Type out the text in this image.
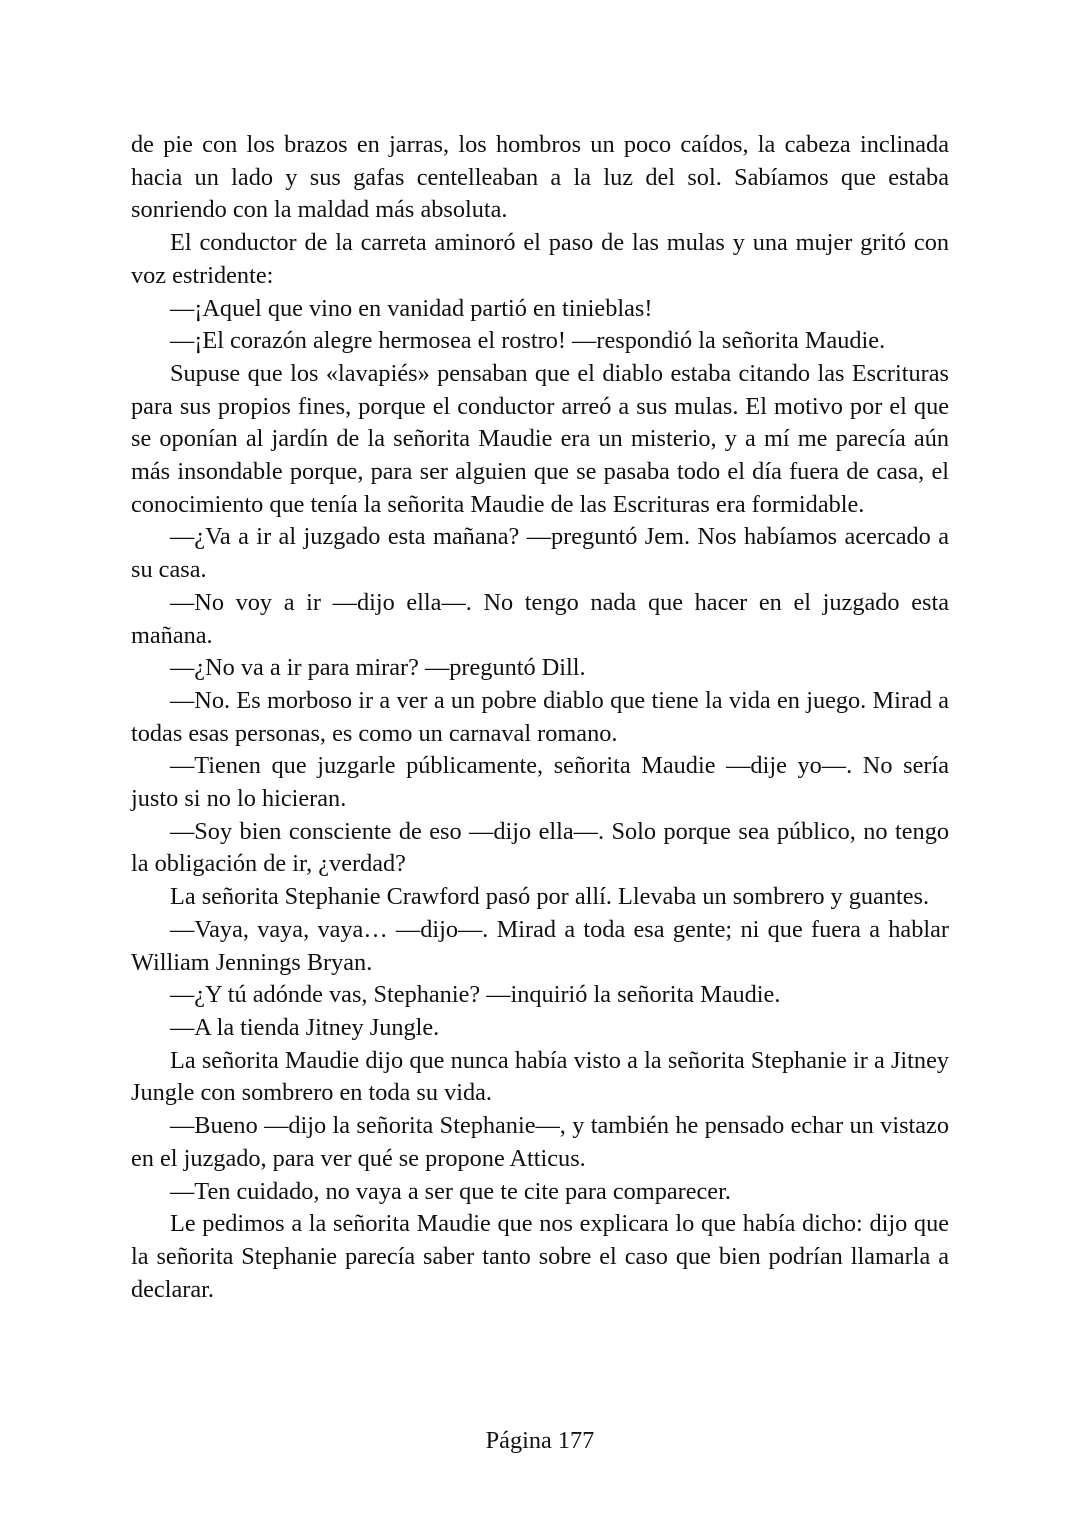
de pie con los brazos en jarras, los hombros un poco caídos, la cabeza inclinada hacia un lado y sus gafas centelleaban a la luz del sol. Sabíamos que estaba sonriendo con la maldad más absoluta.

El conductor de la carreta aminoró el paso de las mulas y una mujer gritó con voz estridente:

—¡Aquel que vino en vanidad partió en tinieblas!

—¡El corazón alegre hermosea el rostro! —respondió la señorita Maudie.

Supuse que los «lavapiés» pensaban que el diablo estaba citando las Escrituras para sus propios fines, porque el conductor arreó a sus mulas. El motivo por el que se oponían al jardín de la señorita Maudie era un misterio, y a mí me parecía aún más insondable porque, para ser alguien que se pasaba todo el día fuera de casa, el conocimiento que tenía la señorita Maudie de las Escrituras era formidable.

—¿Va a ir al juzgado esta mañana? —preguntó Jem. Nos habíamos acercado a su casa.

—No voy a ir —dijo ella—. No tengo nada que hacer en el juzgado esta mañana.

—¿No va a ir para mirar? —preguntó Dill.

—No. Es morboso ir a ver a un pobre diablo que tiene la vida en juego. Mirad a todas esas personas, es como un carnaval romano.

—Tienen que juzgarle públicamente, señorita Maudie —dije yo—. No sería justo si no lo hicieran.

—Soy bien consciente de eso —dijo ella—. Solo porque sea público, no tengo la obligación de ir, ¿verdad?

La señorita Stephanie Crawford pasó por allí. Llevaba un sombrero y guantes.

—Vaya, vaya, vaya… —dijo—. Mirad a toda esa gente; ni que fuera a hablar William Jennings Bryan.

—¿Y tú adónde vas, Stephanie? —inquirió la señorita Maudie.

—A la tienda Jitney Jungle.

La señorita Maudie dijo que nunca había visto a la señorita Stephanie ir a Jitney Jungle con sombrero en toda su vida.

—Bueno —dijo la señorita Stephanie—, y también he pensado echar un vistazo en el juzgado, para ver qué se propone Atticus.

—Ten cuidado, no vaya a ser que te cite para comparecer.

Le pedimos a la señorita Maudie que nos explicara lo que había dicho: dijo que la señorita Stephanie parecía saber tanto sobre el caso que bien podrían llamarla a declarar.

Página 177
